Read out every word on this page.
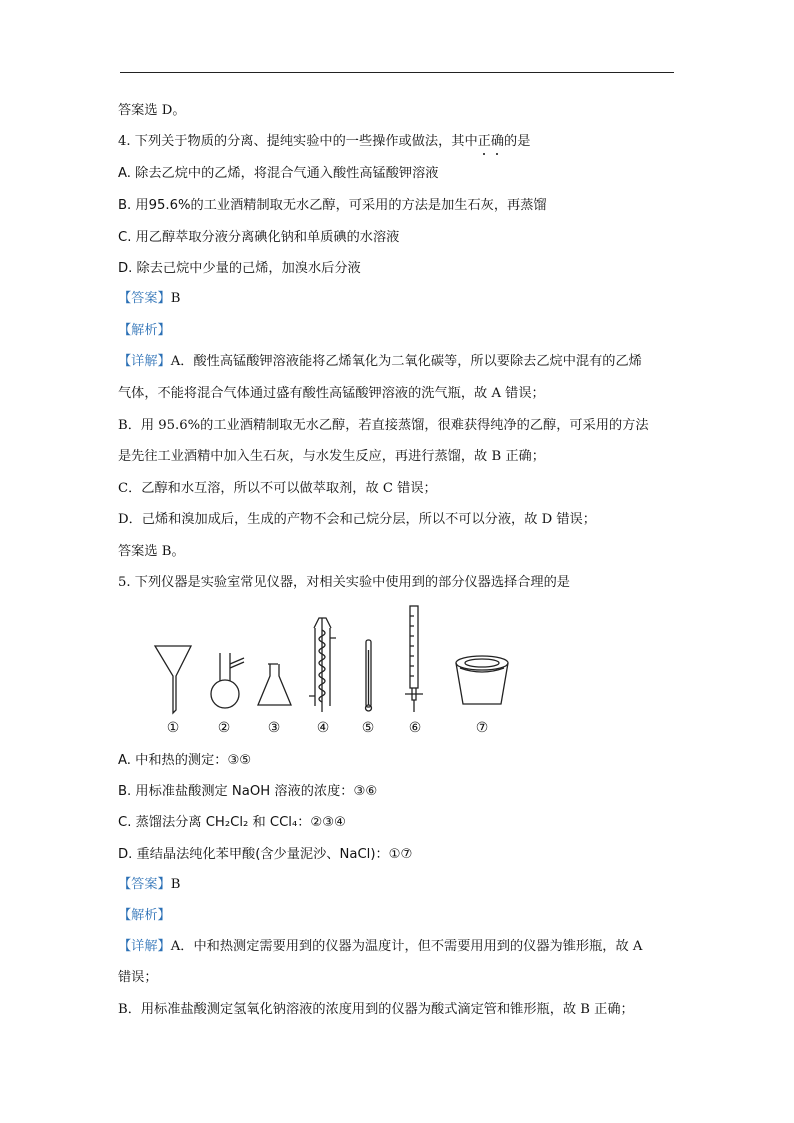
答案选 D。
4. 下列关于物质的分离、提纯实验中的一些操作或做法，其中正确的是
A. 除去乙烷中的乙烯，将混合气通入酸性高锰酸钾溶液
B. 用95.6%的工业酒精制取无水乙醇，可采用的方法是加生石灰，再蒸馏
C. 用乙醇萃取分液分离碘化钠和单质碘的水溶液
D. 除去己烷中少量的己烯，加溴水后分液
【答案】B
【解析】
【详解】A．酸性高锰酸钾溶液能将乙烯氧化为二氧化碳等，所以要除去乙烷中混有的乙烯
气体，不能将混合气体通过盛有酸性高锰酸钾溶液的洗气瓶，故 A 错误；
B．用 95.6%的工业酒精制取无水乙醇，若直接蒸馏，很难获得纯净的乙醇，可采用的方法
是先往工业酒精中加入生石灰，与水发生反应，再进行蒸馏，故 B 正确；
C．乙醇和水互溶，所以不可以做萃取剂，故 C 错误；
D．己烯和溴加成后，生成的产物不会和己烷分层，所以不可以分液，故 D 错误；
答案选 B。
5. 下列仪器是实验室常见仪器，对相关实验中使用到的部分仪器选择合理的是
①	②	③	④ ⑤ ⑥	⑦
A. 中和热的测定：③⑤
B. 用标准盐酸测定 NaOH 溶液的浓度：③⑥
C. 蒸馏法分离 CH₂Cl₂ 和 CCl₄：②③④
D. 重结晶法纯化苯甲酸(含少量泥沙、NaCl)：①⑦
【答案】B
【解析】
【详解】A．中和热测定需要用到的仪器为温度计，但不需要用用到的仪器为锥形瓶，故 A
错误；
B．用标准盐酸测定氢氧化钠溶液的浓度用到的仪器为酸式滴定管和锥形瓶，故 B 正确；
